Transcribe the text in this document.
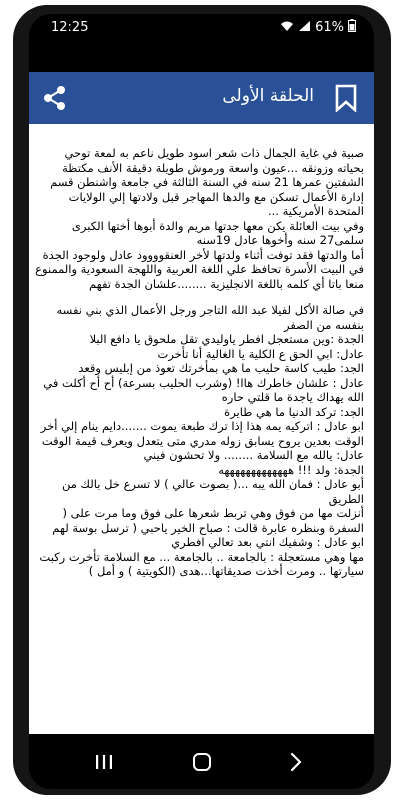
12:25	61%
الحلقة الأولى

صبية في غاية الجمال ذات شعر اسود طويل ناعم به لمعة توحي بحياته وزونقه ...عيون واسعة ورموش طويلة دقيقة الأنف مكتظة الشفتين عمرها 21 سنه في السنة الثالثة في جامعة واشنطن قسم إدارة الأعمال تسكن مع والدها المهاجر قبل ولادتها إلي الولايات المتحدة الأمريكية ...
وفي بيت العائلة يكن معها جدتها مريم والدة أبوها أختها الكبرى سلمى27 سنه وأخوها عادل 19سنه
أما والدتها فقد توفت أثناء ولدتها لأخر العنقوووود عادل ولوجود الجدة في البيت الأسرة تحافظ علي اللغة العربية واللهجة السعودية والممنوع منعا باتا أي كلمه باللغة الانجليزية ........علشان الجدة تفهم

في صالة الأكل لفيلا عبد الله التاجر ورجل الأعمال الذي بني نفسه بنفسه من الصفر
الجدة :وين مستعجل افطر ياوليدي تقل ملحوق يا دافع البلا
عادل: ابي الحق ع الكلية يا الغالية أنا تأخرت
الجد: طيب كاسة حليب ما هي بمأخرتك تعوذ من إبليس وقعد
عادل : علشان خاطرك هاا! (وشرب الحليب بسرعة) أح أح أكلت في الله يهداك ياجدة ما قلتي حاره
الجد: تركد الدنيا ما هي طايرة
ابو عادل : اتركيه يمه هذا إذا ترك طبعة يموت .......دايم ينام إلي أخر الوقت بعدين يروح يسابق زوله مدري متى يتعدل ويعرف قيمة الوقت
عادل: يالله مع السلامة ........ ولا تحشون فيني
الجدة: ولد !!! هههههههههههههه
أبو عادل : فمان الله يبه ...( بصوت عالي ) لا تسرع خل بالك من الطريق
أنزلت مها من فوق وهي تربط شعرها على فوق وما مرت على ( السفرة وبنظره عابرة قالت : صباح الخير ياحبي ( ترسل بوسة لهم
ابو عادل : وشفيك انتي بعد تعالي افطري
مها وهي مستعجلة : بالجامعة .. بالجامعة ... مع السلامة تأخرت ركبت سيارتها .. ومرت أخذت صديقاتها...هدى (الكويتية ) و أمل )
